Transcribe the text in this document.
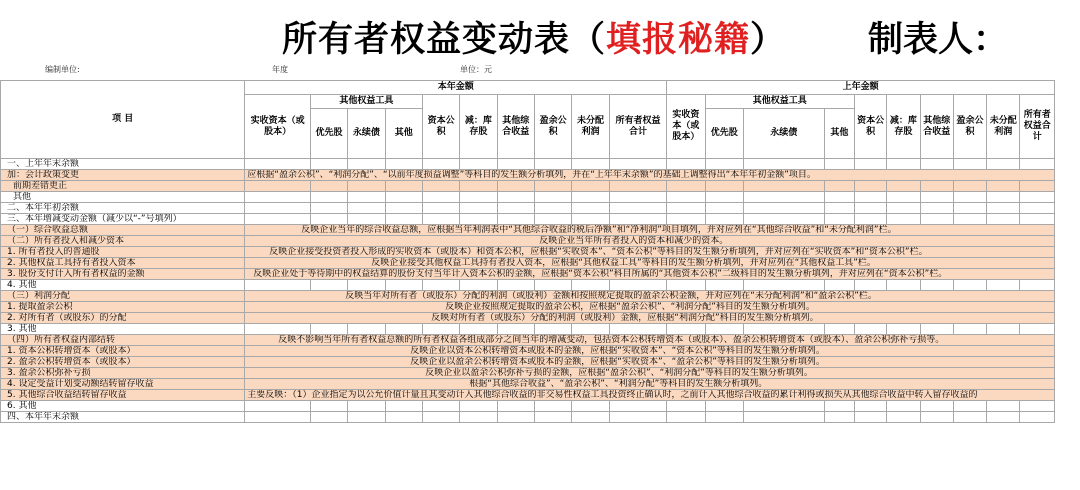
所有者权益变动表（填报秘籍） 制表人：
编制单位:	年度	单位：元
项 目	本年金额										上年金额									
	实收资本（或股本）	其他权益工具			资本公积	减：库存股	其他综合收益	盈余公积	未分配利润	所有者权益合计	实收资本（或股本）	其他权益工具			资本公积	减：库存股	其他综合收益	盈余公积	未分配利润	所有者权益合计
		优先股	永续债	其他								优先股	永续债	其他						

一、上年年末余额																				
加：会计政策变更	应根据“盈余公积”、“利润分配”、“以前年度损益调整”等科目的发生额分析填列，并在“上年年末余额”的基础上调整得出“本年年初金额”项目。																			
前期差错更正																				
其他																				
二、本年年初余额																				
三、本年增减变动金额（减少以“-”号填列）																				
（一）综合收益总额	反映企业当年的综合收益总额，应根据当年利润表中“其他综合收益的税后净额”和“净利润”项目填列，并对应列在“其他综合收益”和“未分配利润”栏。																			
（二）所有者投入和减少资本	反映企业当年所有者投入的资本和减少的资本。																			
1. 所有者投入的普通股	反映企业接受投资者投入形成的实收资本（或股本）和资本公积，应根据“实收资本”、“资本公积”等科目的发生额分析填列，并对应列在“实收资本”和“资本公积”栏。																			
2. 其他权益工具持有者投入资本	反映企业接受其他权益工具持有者投入资本，应根据“其他权益工具”等科目的发生额分析填列，并对应列在“其他权益工具”栏。																			
3. 股份支付计入所有者权益的金额	反映企业处于等待期中的权益结算的股份支付当年计入资本公积的金额，应根据“资本公积”科目所属的“其他资本公积”二级科目的发生额分析填列，并对应列在“资本公积”栏。																			
4. 其他																				
（三）利润分配	反映当年对所有者（或股东）分配的利润（或股利）金额和按照规定提取的盈余公积金额，并对应列在“未分配利润”和“盈余公积”栏。																			
1. 提取盈余公积	反映企业按照规定提取的盈余公积，应根据“盈余公积”、“利润分配”科目的发生额分析填列。																			
2. 对所有者（或股东）的分配	反映对所有者（或股东）分配的利润（或股利）金额，应根据“利润分配”科目的发生额分析填列。																			
3. 其他																				
（四）所有者权益内部结转	反映不影响当年所有者权益总额的所有者权益各组成部分之间当年的增减变动，包括资本公积转增资本（或股本）、盈余公积转增资本（或股本）、盈余公积弥补亏损等。																			
1. 资本公积转增资本（或股本）	反映企业以资本公积转增资本或股本的金额，应根据“实收资本”、“资本公积”等科目的发生额分析填列。																			
2. 盈余公积转增资本（或股本）	反映企业以盈余公积转增资本或股本的金额，应根据“实收资本”、“盈余公积”等科目的发生额分析填列。																			
3. 盈余公积弥补亏损	反映企业以盈余公积弥补亏损的金额，应根据“盈余公积”、“利润分配”等科目的发生额分析填列。																			
4. 设定受益计划变动额结转留存收益	根据“其他综合收益”、“盈余公积”、“利润分配”等科目的发生额分析填列。																			
5. 其他综合收益结转留存收益	主要反映：（1）企业指定为以公允价值计量且其变动计入其他综合收益的非交易性权益工具投资终止确认时，之前计入其他综合收益的累计利得或损失从其他综合收益中转入留存收益的																			
6. 其他																				
四、本年年末余额																				
